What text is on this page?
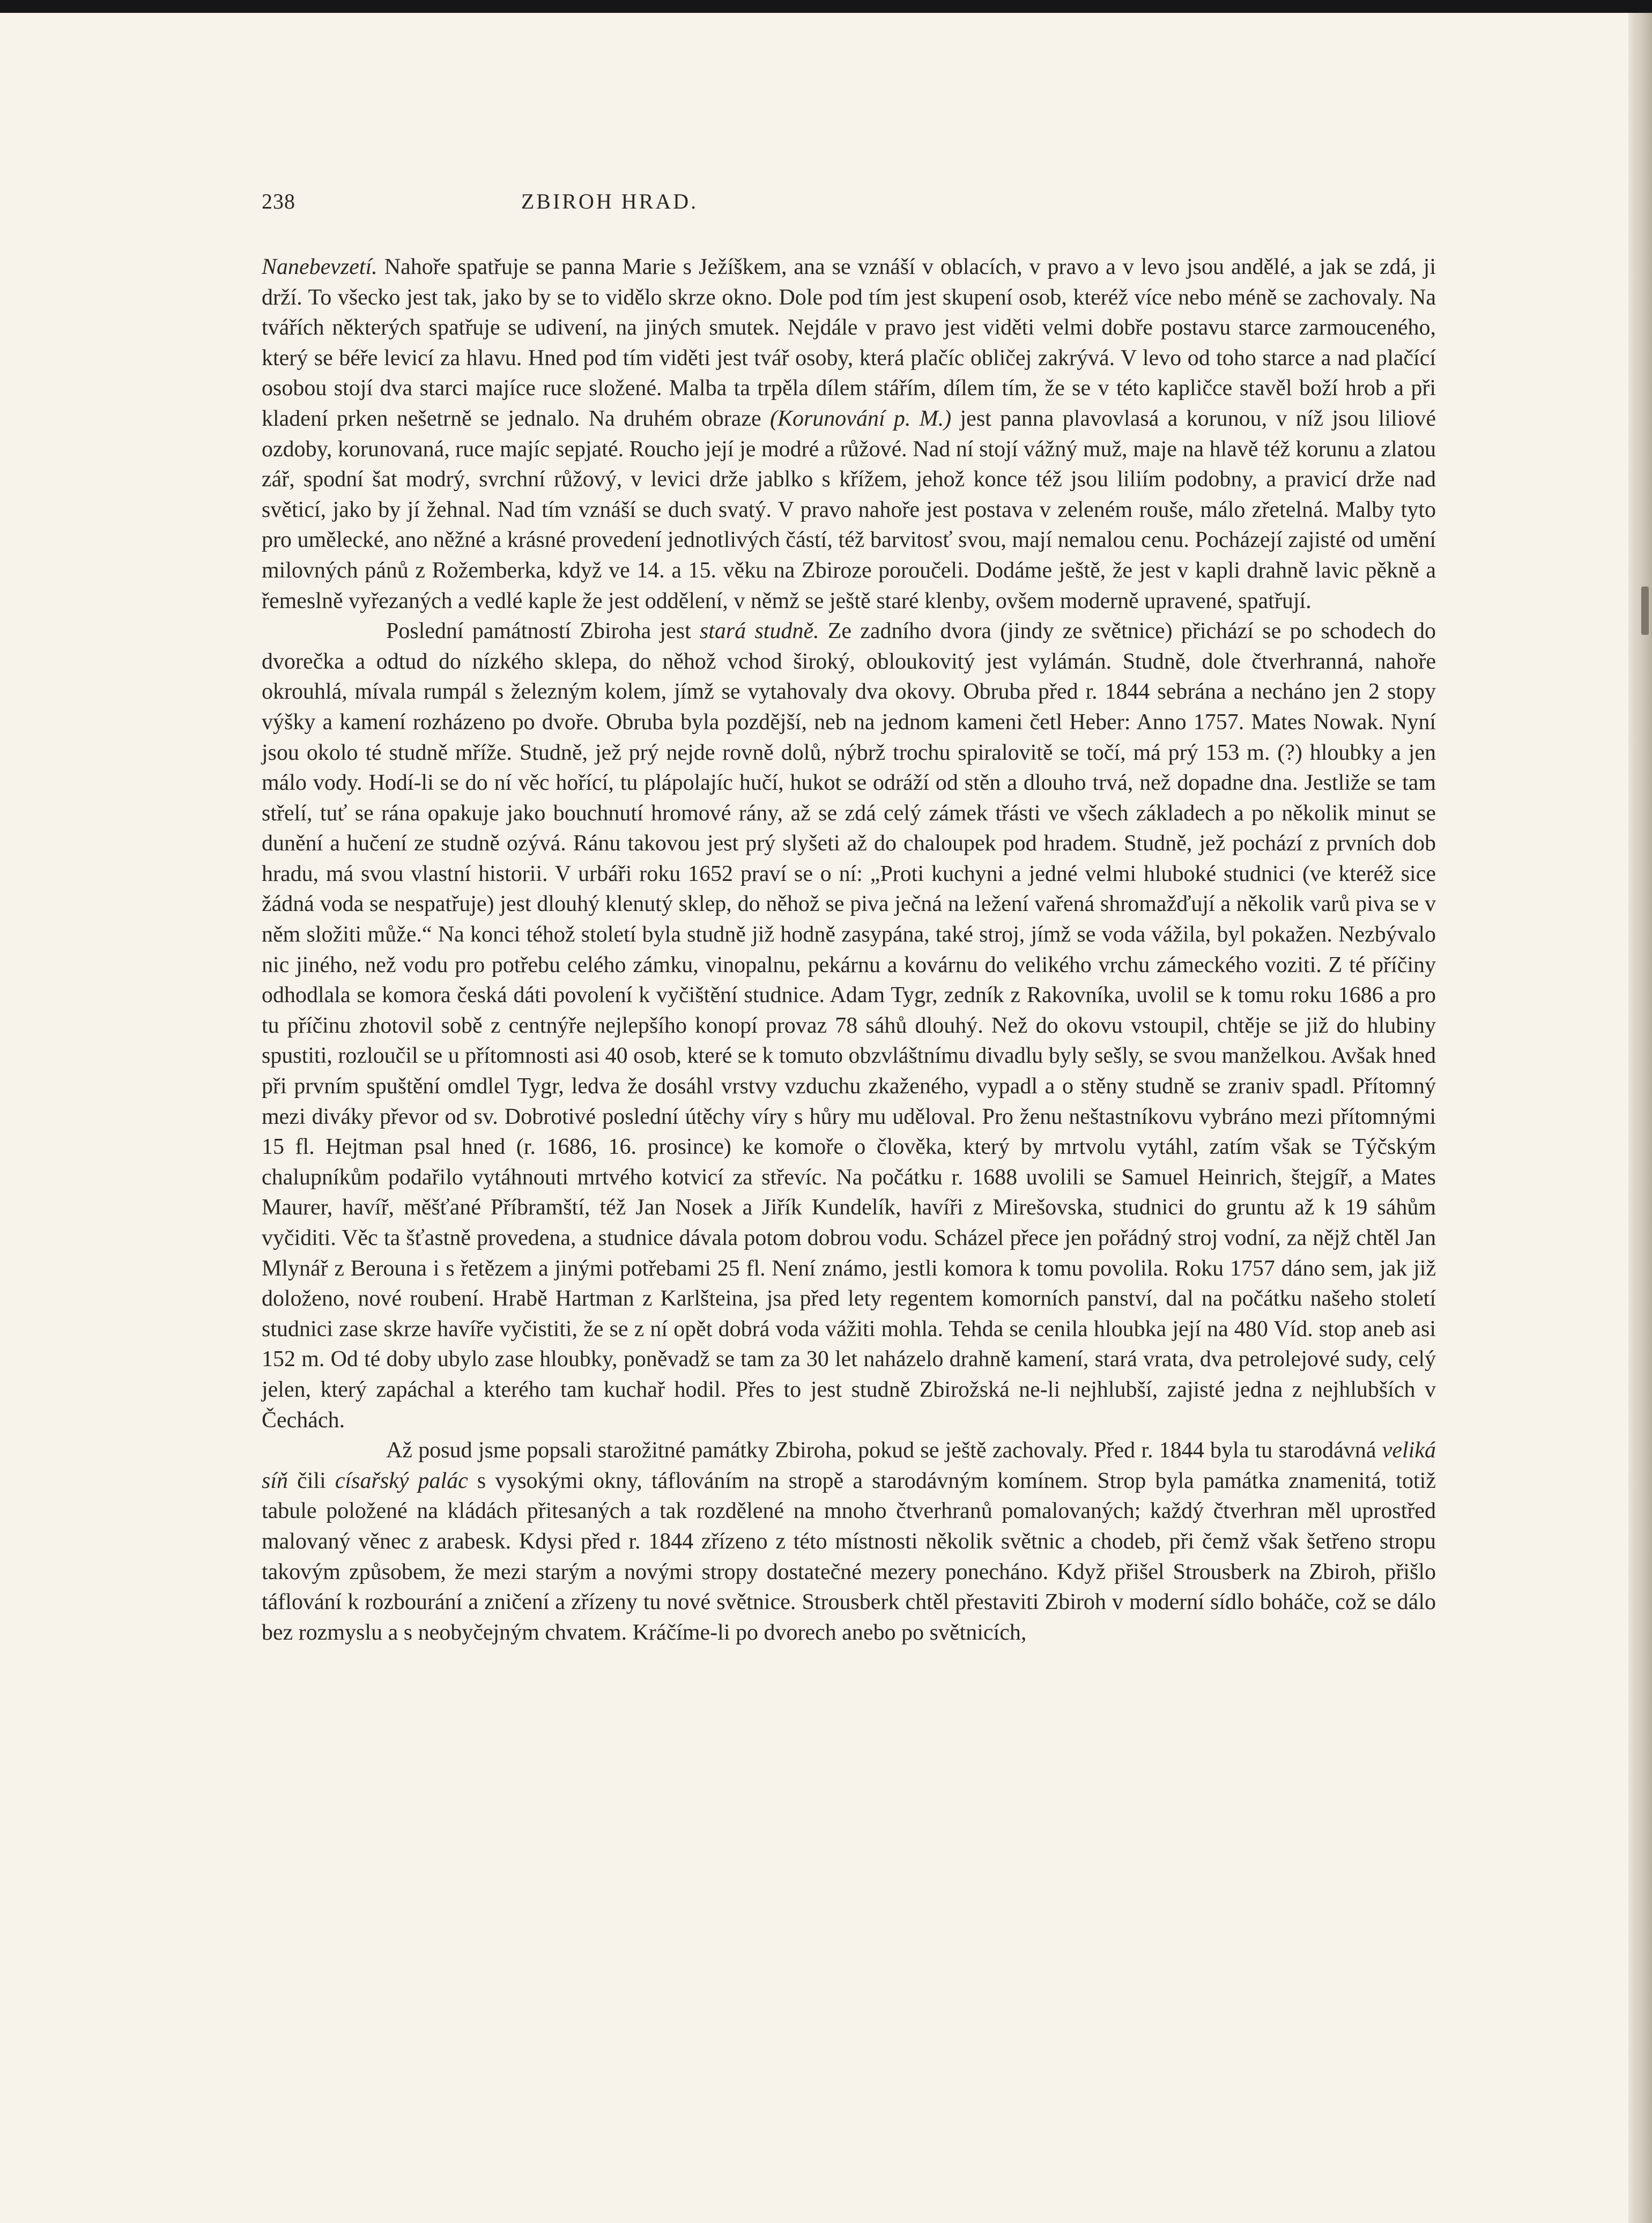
238	ZBIROH HRAD.

Nanebevzetí. Nahoře spatřuje se panna Marie s Ježíškem, ana se vznáší v oblacích, v pravo a v levo jsou andělé, a jak se zdá, ji drží. To všecko jest tak, jako by se to vidělo skrze okno. Dole pod tím jest skupení osob, kteréž více nebo méně se zachovaly. Na tvářích některých spatřuje se udivení, na jiných smutek. Nejdále v pravo jest viděti velmi dobře postavu starce zarmouceného, který se béře levicí za hlavu. Hned pod tím viděti jest tvář osoby, která plačíc obličej zakrývá. V levo od toho starce a nad plačící osobou stojí dva starci majíce ruce složené. Malba ta trpěla dílem stářím, dílem tím, že se v této kapličce stavěl boží hrob a při kladení prken nešetrně se jednalo. Na druhém obraze (Korunování p. M.) jest panna plavovlasá a korunou, v níž jsou liliové ozdoby, korunovaná, ruce majíc sepjaté. Roucho její je modré a růžové. Nad ní stojí vážný muž, maje na hlavě též korunu a zlatou zář, spodní šat modrý, svrchní růžový, v levici drže jablko s křížem, jehož konce též jsou liliím podobny, a pravicí drže nad světicí, jako by jí žehnal. Nad tím vznáší se duch svatý. V pravo nahoře jest postava v zeleném rouše, málo zřetelná. Malby tyto pro umělecké, ano něžné a krásné provedení jednotlivých částí, též barvitosť svou, mají nemalou cenu. Pocházejí zajisté od umění milovných pánů z Rožemberka, když ve 14. a 15. věku na Zbiroze poroučeli. Dodáme ještě, že jest v kapli drahně lavic pěkně a řemeslně vyřezaných a vedlé kaple že jest oddělení, v němž se ještě staré klenby, ovšem moderně upravené, spatřují.

Poslední památností Zbiroha jest stará studně. Ze zadního dvora (jindy ze světnice) přichází se po schodech do dvorečka a odtud do nízkého sklepa, do něhož vchod široký, obloukovitý jest vylámán. Studně, dole čtverhranná, nahoře okrouhlá, mívala rumpál s železným kolem, jímž se vytahovaly dva okovy. Obruba před r. 1844 sebrána a necháno jen 2 stopy výšky a kamení rozházeno po dvoře. Obruba byla pozdější, neb na jednom kameni četl Heber: Anno 1757. Mates Nowak. Nyní jsou okolo té studně mříže. Studně, jež prý nejde rovně dolů, nýbrž trochu spiralovitě se točí, má prý 153 m. (?) hloubky a jen málo vody. Hodí-li se do ní věc hořící, tu plápolajíc hučí, hukot se odráží od stěn a dlouho trvá, než dopadne dna. Jestliže se tam střelí, tuť se rána opakuje jako bouchnutí hromové rány, až se zdá celý zámek třásti ve všech základech a po několik minut se dunění a hučení ze studně ozývá. Ránu takovou jest prý slyšeti až do chaloupek pod hradem. Studně, jež pochází z prvních dob hradu, má svou vlastní historii. V urbáři roku 1652 praví se o ní: „Proti kuchyni a jedné velmi hluboké studnici (ve kteréž sice žádná voda se nespatřuje) jest dlouhý klenutý sklep, do něhož se piva ječná na ležení vařená shromažďují a několik varů piva se v něm složiti může.“ Na konci téhož století byla studně již hodně zasypána, také stroj, jímž se voda vážila, byl pokažen. Nezbývalo nic jiného, než vodu pro potřebu celého zámku, vinopalnu, pekárnu a kovárnu do velikého vrchu zámeckého voziti. Z té příčiny odhodlala se komora česká dáti povolení k vyčištění studnice. Adam Tygr, zedník z Rakovníka, uvolil se k tomu roku 1686 a pro tu příčinu zhotovil sobě z centnýře nejlepšího konopí provaz 78 sáhů dlouhý. Než do okovu vstoupil, chtěje se již do hlubiny spustiti, rozloučil se u přítomnosti asi 40 osob, které se k tomuto obzvláštnímu divadlu byly sešly, se svou manželkou. Avšak hned při prvním spuštění omdlel Tygr, ledva že dosáhl vrstvy vzduchu zkaženého, vypadl a o stěny studně se zraniv spadl. Přítomný mezi diváky převor od sv. Dobrotivé poslední útěchy víry s hůry mu uděloval. Pro ženu neštastníkovu vybráno mezi přítomnými 15 fl. Hejtman psal hned (r. 1686, 16. prosince) ke komoře o člověka, který by mrtvolu vytáhl, zatím však se Týčským chalupníkům podařilo vytáhnouti mrtvého kotvicí za střevíc. Na počátku r. 1688 uvolili se Samuel Heinrich, štejgíř, a Mates Maurer, havíř, měšťané Příbramští, též Jan Nosek a Jiřík Kundelík, havíři z Mirešovska, studnici do gruntu až k 19 sáhům vyčiditi. Věc ta šťastně provedena, a studnice dávala potom dobrou vodu. Scházel přece jen pořádný stroj vodní, za nějž chtěl Jan Mlynář z Berouna i s řetězem a jinými potřebami 25 fl. Není známo, jestli komora k tomu povolila. Roku 1757 dáno sem, jak již doloženo, nové roubení. Hrabě Hartman z Karlšteina, jsa před lety regentem komorních panství, dal na počátku našeho století studnici zase skrze havíře vyčistiti, že se z ní opět dobrá voda vážiti mohla. Tehda se cenila hloubka její na 480 Víd. stop aneb asi 152 m. Od té doby ubylo zase hloubky, poněvadž se tam za 30 let naházelo drahně kamení, stará vrata, dva petrolejové sudy, celý jelen, který zapáchal a kterého tam kuchař hodil. Přes to jest studně Zbirožská ne-li nejhlubší, zajisté jedna z nejhlubších v Čechách.

Až posud jsme popsali starožitné památky Zbiroha, pokud se ještě zachovaly. Před r. 1844 byla tu starodávná veliká síň čili císařský palác s vysokými okny, táflováním na stropě a starodávným komínem. Strop byla památka znamenitá, totiž tabule položené na kládách přitesaných a tak rozdělené na mnoho čtverhranů pomalovaných; každý čtverhran měl uprostřed malovaný věnec z arabesk. Kdysi před r. 1844 zřízeno z této místnosti několik světnic a chodeb, při čemž však šetřeno stropu takovým způsobem, že mezi starým a novými stropy dostatečné mezery ponecháno. Když přišel Strousberk na Zbiroh, přišlo táflování k rozbourání a zničení a zřízeny tu nové světnice. Strousberk chtěl přestaviti Zbiroh v moderní sídlo boháče, což se dálo bez rozmyslu a s neobyčejným chvatem. Kráčíme-li po dvorech anebo po světnicích,
